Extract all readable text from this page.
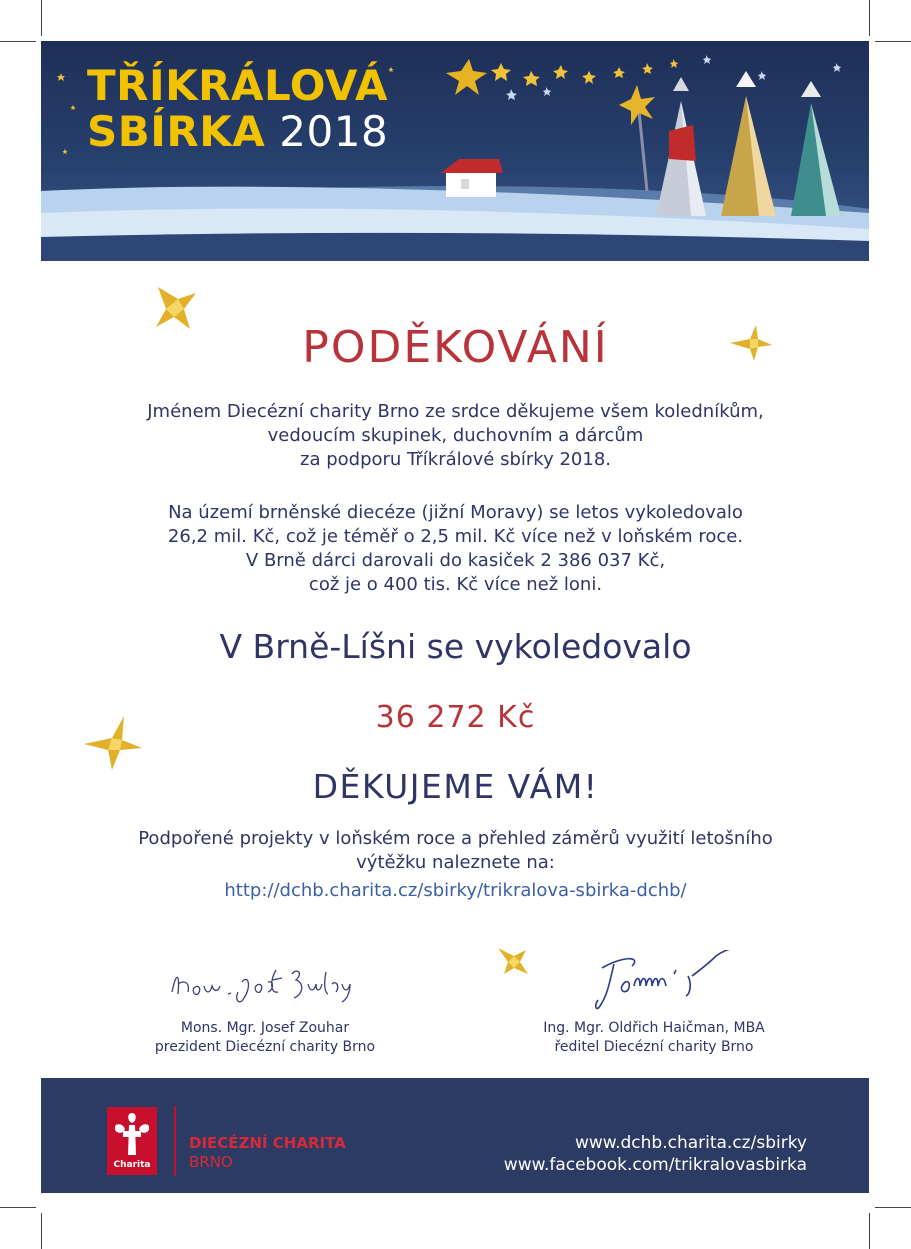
TŘÍKRÁLOVÁ
SBÍRKA 2018
PODĚKOVÁNÍ
Jménem Diecézní charity Brno ze srdce děkujeme všem koledníkům,
vedoucím skupinek, duchovním a dárcům
za podporu Tříkrálové sbírky 2018.
Na území brněnské diecéze (jižní Moravy) se letos vykoledovalo
26,2 mil. Kč, což je téměř o 2,5 mil. Kč více než v loňském roce.
V Brně dárci darovali do kasiček 2 386 037 Kč,
což je o 400 tis. Kč více než loni.
V Brně-Líšni se vykoledovalo
36 272 Kč
DĚKUJEME VÁM!
Podpořené projekty v loňském roce a přehled záměrů využití letošního
výtěžku naleznete na:
http://dchb.charita.cz/sbirky/trikralova-sbirka-dchb/
Mons. Mgr. Josef Zouhar
prezident Diecézní charity Brno
Ing. Mgr. Oldřich Haičman, MBA
ředitel Diecézní charity Brno
Charita
DIECÉZNÍ CHARITA
BRNO
www.dchb.charita.cz/sbirky
www.facebook.com/trikralovasbirka
